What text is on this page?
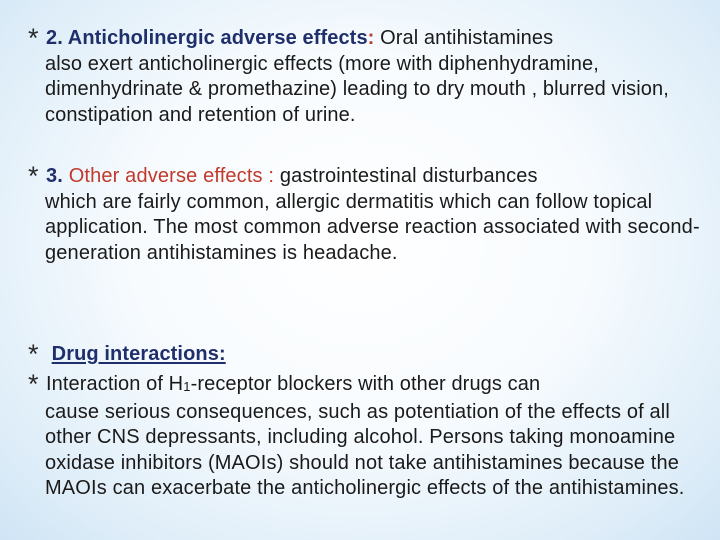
* 2. Anticholinergic adverse effects: Oral antihistamines
also exert anticholinergic effects (more with diphenhydramine, dimenhydrinate & promethazine) leading to dry mouth , blurred vision, constipation and retention of urine.
* 3. Other adverse effects : gastrointestinal disturbances
which are fairly common, allergic dermatitis which can follow topical application. The most common adverse reaction associated with second-generation antihistamines is headache.
* Drug interactions:
* Interaction of $H_1$-receptor blockers with other drugs can
cause serious consequences, such as potentiation of the effects of all other CNS depressants, including alcohol. Persons taking monoamine oxidase inhibitors (MAOIs) should not take antihistamines because the MAOIs can exacerbate the anticholinergic effects of the antihistamines.
